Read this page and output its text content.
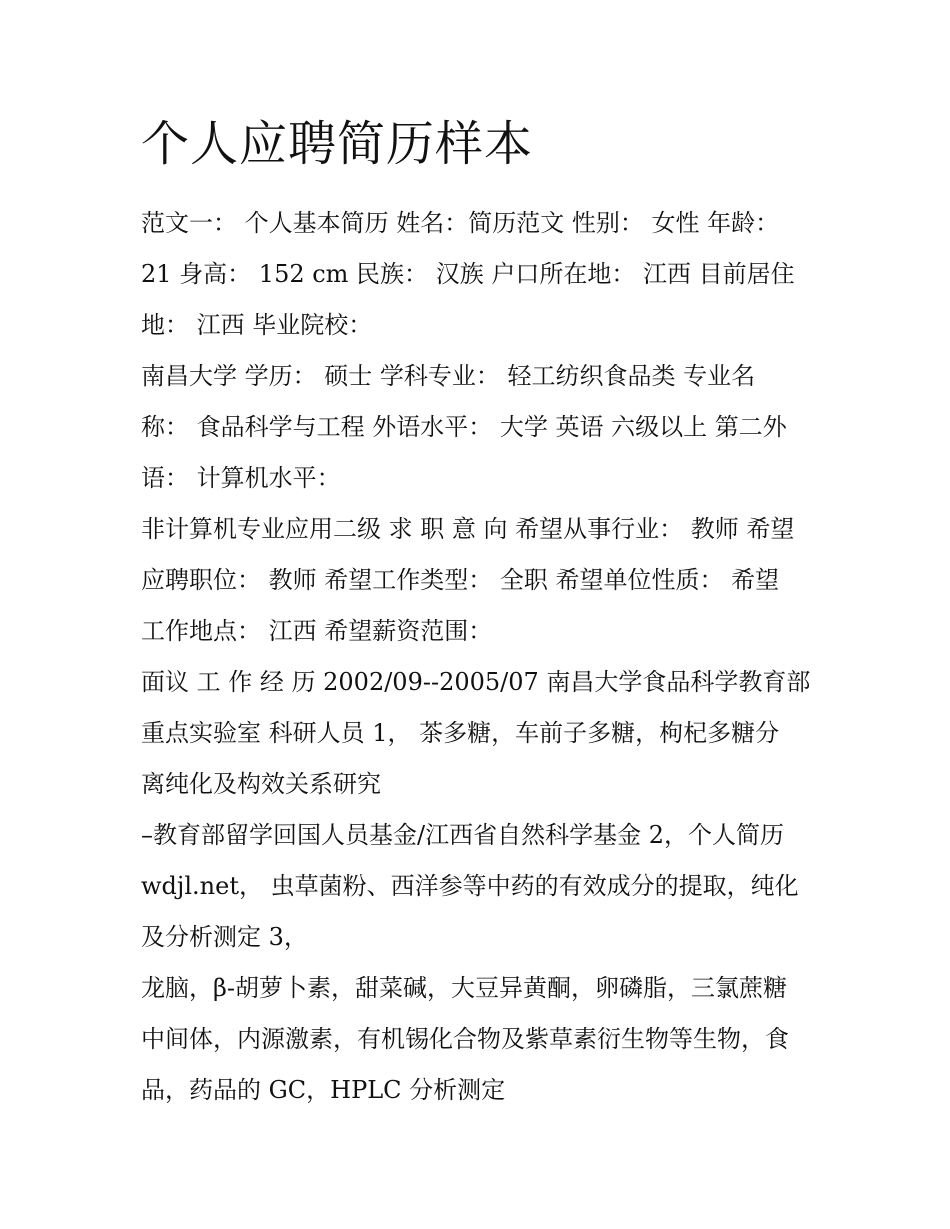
个人应聘简历样本
范文一： 个人基本简历 姓名：简历范文 性别： 女性 年龄：
21 身高： 152 cm 民族： 汉族 户口所在地： 江西 目前居住
地： 江西 毕业院校：
南昌大学 学历： 硕士 学科专业： 轻工纺织食品类 专业名
称： 食品科学与工程 外语水平： 大学 英语 六级以上 第二外
语： 计算机水平：
非计算机专业应用二级 求 职 意 向 希望从事行业： 教师 希望
应聘职位： 教师 希望工作类型： 全职 希望单位性质： 希望
工作地点： 江西 希望薪资范围：
面议 工 作 经 历 2002/09--2005/07 南昌大学食品科学教育部
重点实验室 科研人员 1， 茶多糖，车前子多糖，枸杞多糖分
离纯化及构效关系研究
–教育部留学回国人员基金/江西省自然科学基金 2，个人简历
wdjl.net， 虫草菌粉、西洋参等中药的有效成分的提取，纯化
及分析测定 3，
龙脑，β-胡萝卜素，甜菜碱，大豆异黄酮，卵磷脂，三氯蔗糖
中间体，内源激素，有机锡化合物及紫草素衍生物等生物，食
品，药品的 GC，HPLC 分析测定
